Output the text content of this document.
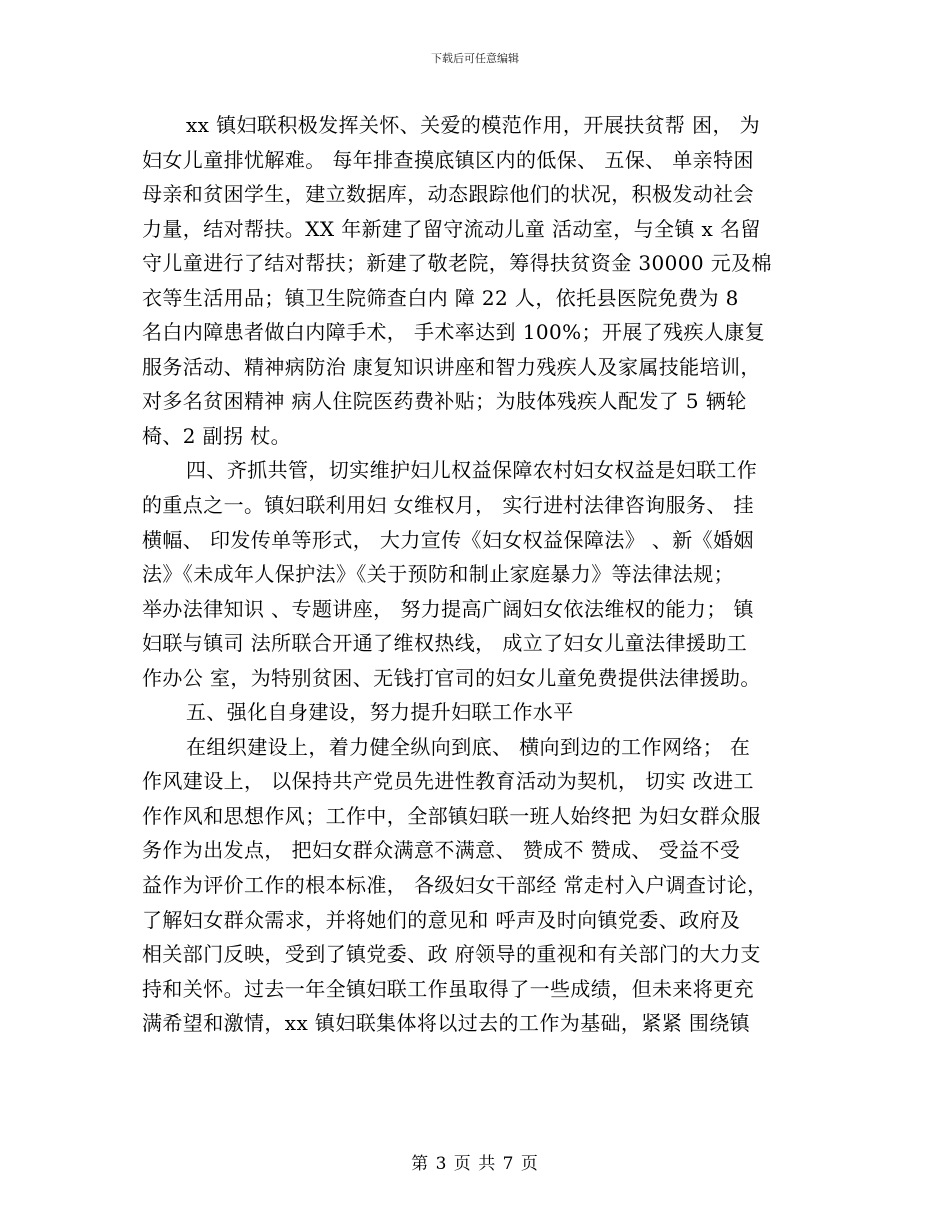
下载后可任意编辑
xx 镇妇联积极发挥关怀、关爱的模范作用，开展扶贫帮 困， 为
妇女儿童排忧解难。 每年排查摸底镇区内的低保、 五保、 单亲特困
母亲和贫困学生，建立数据库，动态跟踪他们的状况，积极发动社会
力量，结对帮扶。XX 年新建了留守流动儿童 活动室，与全镇 x 名留
守儿童进行了结对帮扶；新建了敬老院，筹得扶贫资金 30000 元及棉
衣等生活用品；镇卫生院筛查白内 障 22 人，依托县医院免费为 8
名白内障患者做白内障手术， 手术率达到 100%；开展了残疾人康复
服务活动、精神病防治 康复知识讲座和智力残疾人及家属技能培训，
对多名贫困精神 病人住院医药费补贴；为肢体残疾人配发了 5 辆轮
椅、2 副拐 杖。
四、齐抓共管，切实维护妇儿权益保障农村妇女权益是妇联工作
的重点之一。镇妇联利用妇 女维权月， 实行进村法律咨询服务、 挂
横幅、 印发传单等形式， 大力宣传《妇女权益保障法》 、新《婚姻
法》《未成年人保护法》《关于预防和制止家庭暴力》等法律法规；
举办法律知识 、专题讲座， 努力提高广阔妇女依法维权的能力； 镇
妇联与镇司 法所联合开通了维权热线， 成立了妇女儿童法律援助工
作办公 室，为特别贫困、无钱打官司的妇女儿童免费提供法律援助。
五、强化自身建设，努力提升妇联工作水平
在组织建设上，着力健全纵向到底、 横向到边的工作网络； 在
作风建设上， 以保持共产党员先进性教育活动为契机， 切实 改进工
作作风和思想作风；工作中，全部镇妇联一班人始终把 为妇女群众服
务作为出发点， 把妇女群众满意不满意、 赞成不 赞成、 受益不受
益作为评价工作的根本标准， 各级妇女干部经 常走村入户调查讨论，
了解妇女群众需求，并将她们的意见和 呼声及时向镇党委、政府及
相关部门反映，受到了镇党委、政 府领导的重视和有关部门的大力支
持和关怀。过去一年全镇妇联工作虽取得了一些成绩，但未来将更充
满希望和激情，xx 镇妇联集体将以过去的工作为基础，紧紧 围绕镇
第 3 页 共 7 页
